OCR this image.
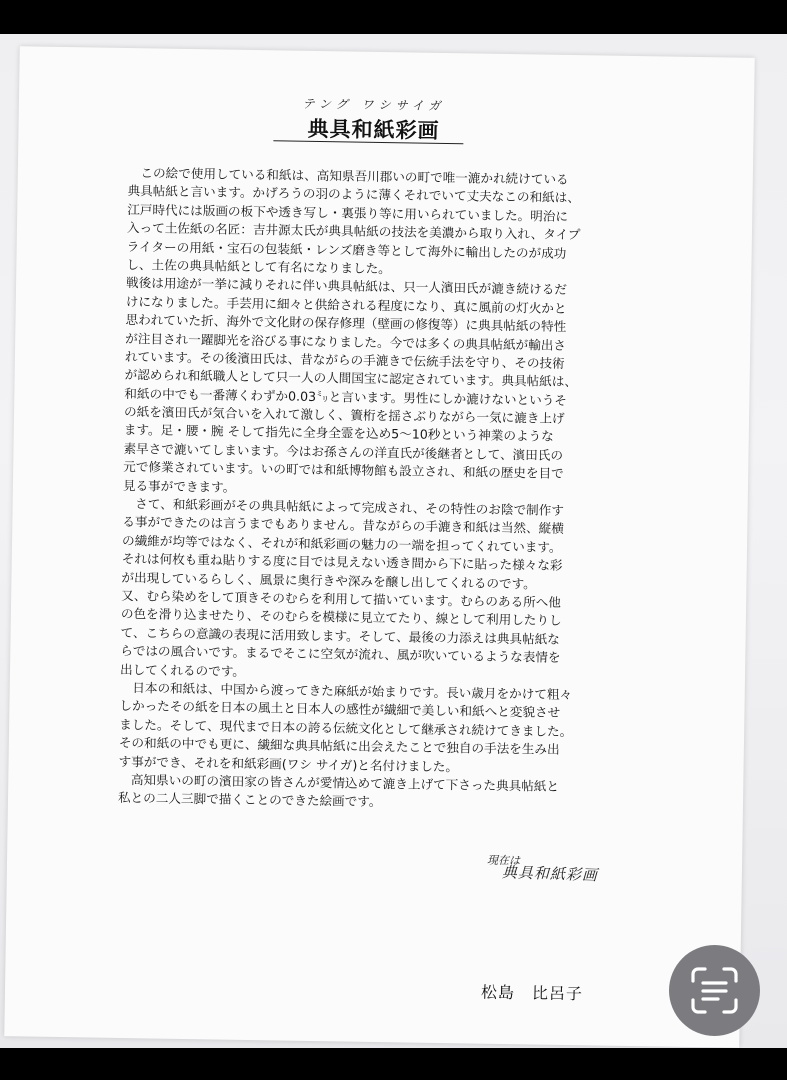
テング ワシサイガ
典具和紙彩画
　この絵で使用している和紙は、高知県吾川郡いの町で唯一漉かれ続けている
典具帖紙と言います。かげろうの羽のように薄くそれでいて丈夫なこの和紙は、
江戸時代には版画の板下や透き写し・裏張り等に用いられていました。明治に
入って土佐紙の名匠：吉井源太氏が典具帖紙の技法を美濃から取り入れ、タイプ
ライターの用紙・宝石の包装紙・レンズ磨き等として海外に輸出したのが成功
し、土佐の典具帖紙として有名になりました。
戦後は用途が一挙に減りそれに伴い典具帖紙は、只一人濱田氏が漉き続けるだ
けになりました。手芸用に細々と供給される程度になり、真に風前の灯火かと
思われていた折、海外で文化財の保存修理（壁画の修復等）に典具帖紙の特性
が注目され一躍脚光を浴びる事になりました。今では多くの典具帖紙が輸出さ
れています。その後濱田氏は、昔ながらの手漉きで伝統手法を守り、その技術
が認められ和紙職人として只一人の人間国宝に認定されています。典具帖紙は、
和紙の中でも一番薄くわずか0.03㍉と言います。男性にしか漉けないというそ
の紙を濱田氏が気合いを入れて激しく、簀桁を揺さぶりながら一気に漉き上げ
ます。足・腰・腕 そして指先に全身全霊を込め5～10秒という神業のような
素早さで漉いてしまいます。今はお孫さんの洋直氏が後継者として、濱田氏の
元で修業されています。いの町では和紙博物館も設立され、和紙の歴史を目で
見る事ができます。
　さて、和紙彩画がその典具帖紙によって完成され、その特性のお陰で制作す
る事ができたのは言うまでもありません。昔ながらの手漉き和紙は当然、縦横
の繊維が均等ではなく、それが和紙彩画の魅力の一端を担ってくれています。
それは何枚も重ね貼りする度に目では見えない透き間から下に貼った様々な彩
が出現しているらしく、風景に奥行きや深みを醸し出してくれるのです。
又、むら染めをして頂きそのむらを利用して描いています。むらのある所へ他
の色を滑り込ませたり、そのむらを模様に見立てたり、線として利用したりし
て、こちらの意識の表現に活用致します。そして、最後の力添えは典具帖紙な
らではの風合いです。まるでそこに空気が流れ、風が吹いているような表情を
出してくれるのです。
　日本の和紙は、中国から渡ってきた麻紙が始まりです。長い歳月をかけて粗々
しかったその紙を日本の風土と日本人の感性が繊細で美しい和紙へと変貌させ
ました。そして、現代まで日本の誇る伝統文化として継承され続けてきました。
その和紙の中でも更に、繊細な典具帖紙に出会えたことで独自の手法を生み出
す事ができ、それを和紙彩画(ワシ サイガ)と名付けました。
　高知県いの町の濱田家の皆さんが愛情込めて漉き上げて下さった典具帖紙と
私との二人三脚で描くことのできた絵画です。
現在は
典具和紙彩画
松島　比呂子
